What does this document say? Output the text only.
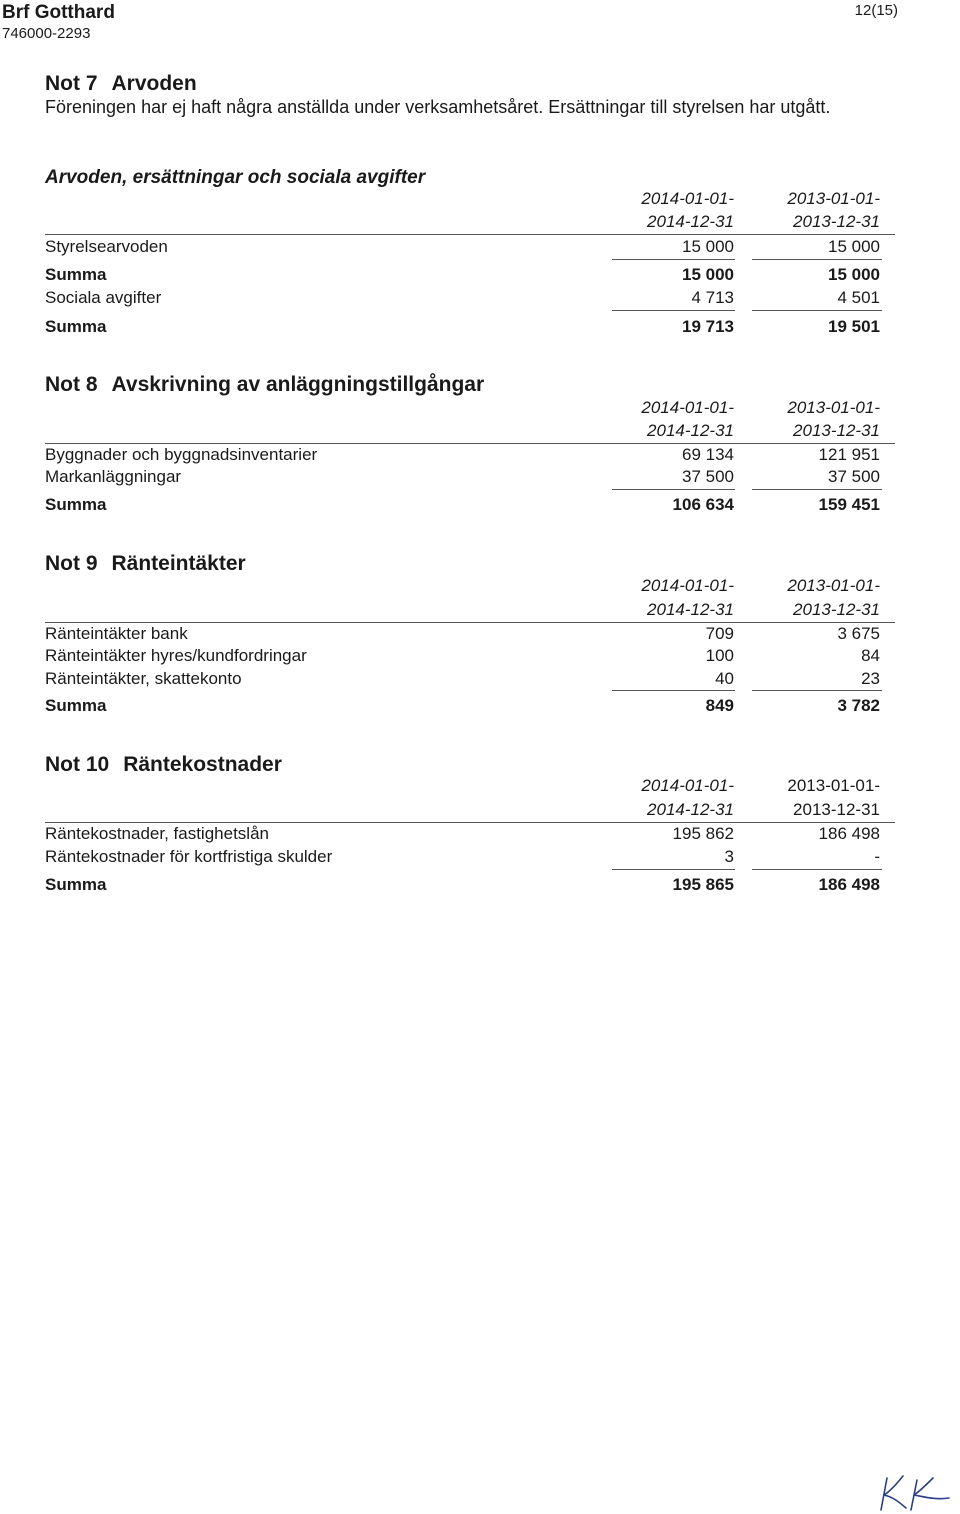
Brf Gotthard
746000-2293
12(15)
Not 7 Arvoden
Föreningen har ej haft några anställda under verksamhetsåret. Ersättningar till styrelsen har utgått.
Arvoden, ersättningar och sociala avgifter
2014-01-01-	2013-01-01-
2014-12-31	2013-12-31
Styrelsearvoden	15 000	15 000
Summa	15 000	15 000
Sociala avgifter	4 713	4 501
Summa	19 713	19 501
Not 8 Avskrivning av anläggningstillgångar
2014-01-01-	2013-01-01-
2014-12-31	2013-12-31
Byggnader och byggnadsinventarier	69 134	121 951
Markanläggningar	37 500	37 500
Summa	106 634	159 451
Not 9 Ränteintäkter
2014-01-01-	2013-01-01-
2014-12-31	2013-12-31
Ränteintäkter bank	709	3 675
Ränteintäkter hyres/kundfordringar	100	84
Ränteintäkter, skattekonto	40	23
Summa	849	3 782
Not 10 Räntekostnader
2014-01-01-	2013-01-01-
2014-12-31	2013-12-31
Räntekostnader, fastighetslån	195 862	186 498
Räntekostnader för kortfristiga skulder	3	-
Summa	195 865	186 498
